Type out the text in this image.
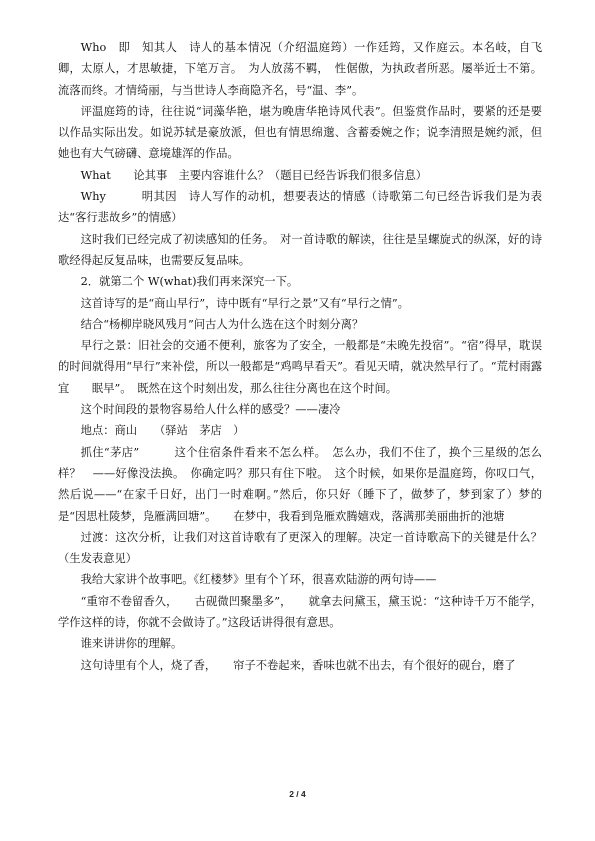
Who　即　知其人　诗人的基本情况（介绍温庭筠）一作廷筠，又作庭云。本名岐，自飞卿，太原人，才思敏捷，下笔万言。　为人放荡不羁，　性倨傲，为执政者所恶。屡举近士不第。流落而终。才情绮丽，与当世诗人李商隐齐名，号“温、李”。

评温庭筠的诗，往往说“词藻华艳，堪为晚唐华艳诗风代表”。但鉴赏作品时，要紧的还是要以作品实际出发。如说苏轼是豪放派，但也有情思绵邈、含蓄委婉之作；说李清照是婉约派，但她也有大气磅礴、意境雄浑的作品。

What　　论其事　主要内容谁什么？（题目已经告诉我们很多信息）

Why　　　明其因　诗人写作的动机，想要表达的情感（诗歌第二句已经告诉我们是为表达“客行悲故乡”的情感）

这时我们已经完成了初读感知的任务。　对一首诗歌的解读，往往是呈螺旋式的纵深，好的诗歌经得起反复品味，也需要反复品味。

2．就第二个 W(what)我们再来深究一下。

这首诗写的是“商山早行”，诗中既有“早行之景”又有“早行之情”。

结合“杨柳岸晓风残月”问古人为什么选在这个时刻分离？

早行之景：旧社会的交通不便利，旅客为了安全，一般都是“未晚先投宿”。“宿”得早，耽误的时间就得用“早行”来补偿，所以一般都是“鸡鸣早看天”。看见天晴，就决然早行了。“荒村雨露宜　　眠早”。　既然在这个时刻出发，那么往往分离也在这个时间。

这个时间段的景物容易给人什么样的感受？——凄冷

地点：商山　　（驿站　茅店　）

抓住“茅店”　　　这个住宿条件看来不怎么样。　怎么办，我们不住了，换个三星级的怎么样？　——好像没法换。　你确定吗？那只有住下啦。　这个时候，如果你是温庭筠，你叹口气，然后说——“在家千日好，出门一时难啊。”然后，你只好（睡下了，做梦了，梦到家了）梦的是“因思杜陵梦，凫雁满回塘”。　　在梦中，我看到凫雁欢腾嬉戏，落满那美丽曲折的池塘

过渡：这次分析，让我们对这首诗歌有了更深入的理解。决定一首诗歌高下的关键是什么？（生发表意见）

我给大家讲个故事吧。《红楼梦》里有个丫环，很喜欢陆游的两句诗——

“重帘不卷留香久，　　古砚微凹聚墨多”，　　就拿去问黛玉，黛玉说：“这种诗千万不能学，学作这样的诗，你就不会做诗了。”这段话讲得很有意思。

谁来讲讲你的理解。

这句诗里有个人，烧了香，　　帘子不卷起来，香味也就不出去，有个很好的砚台，磨了

2 / 4
